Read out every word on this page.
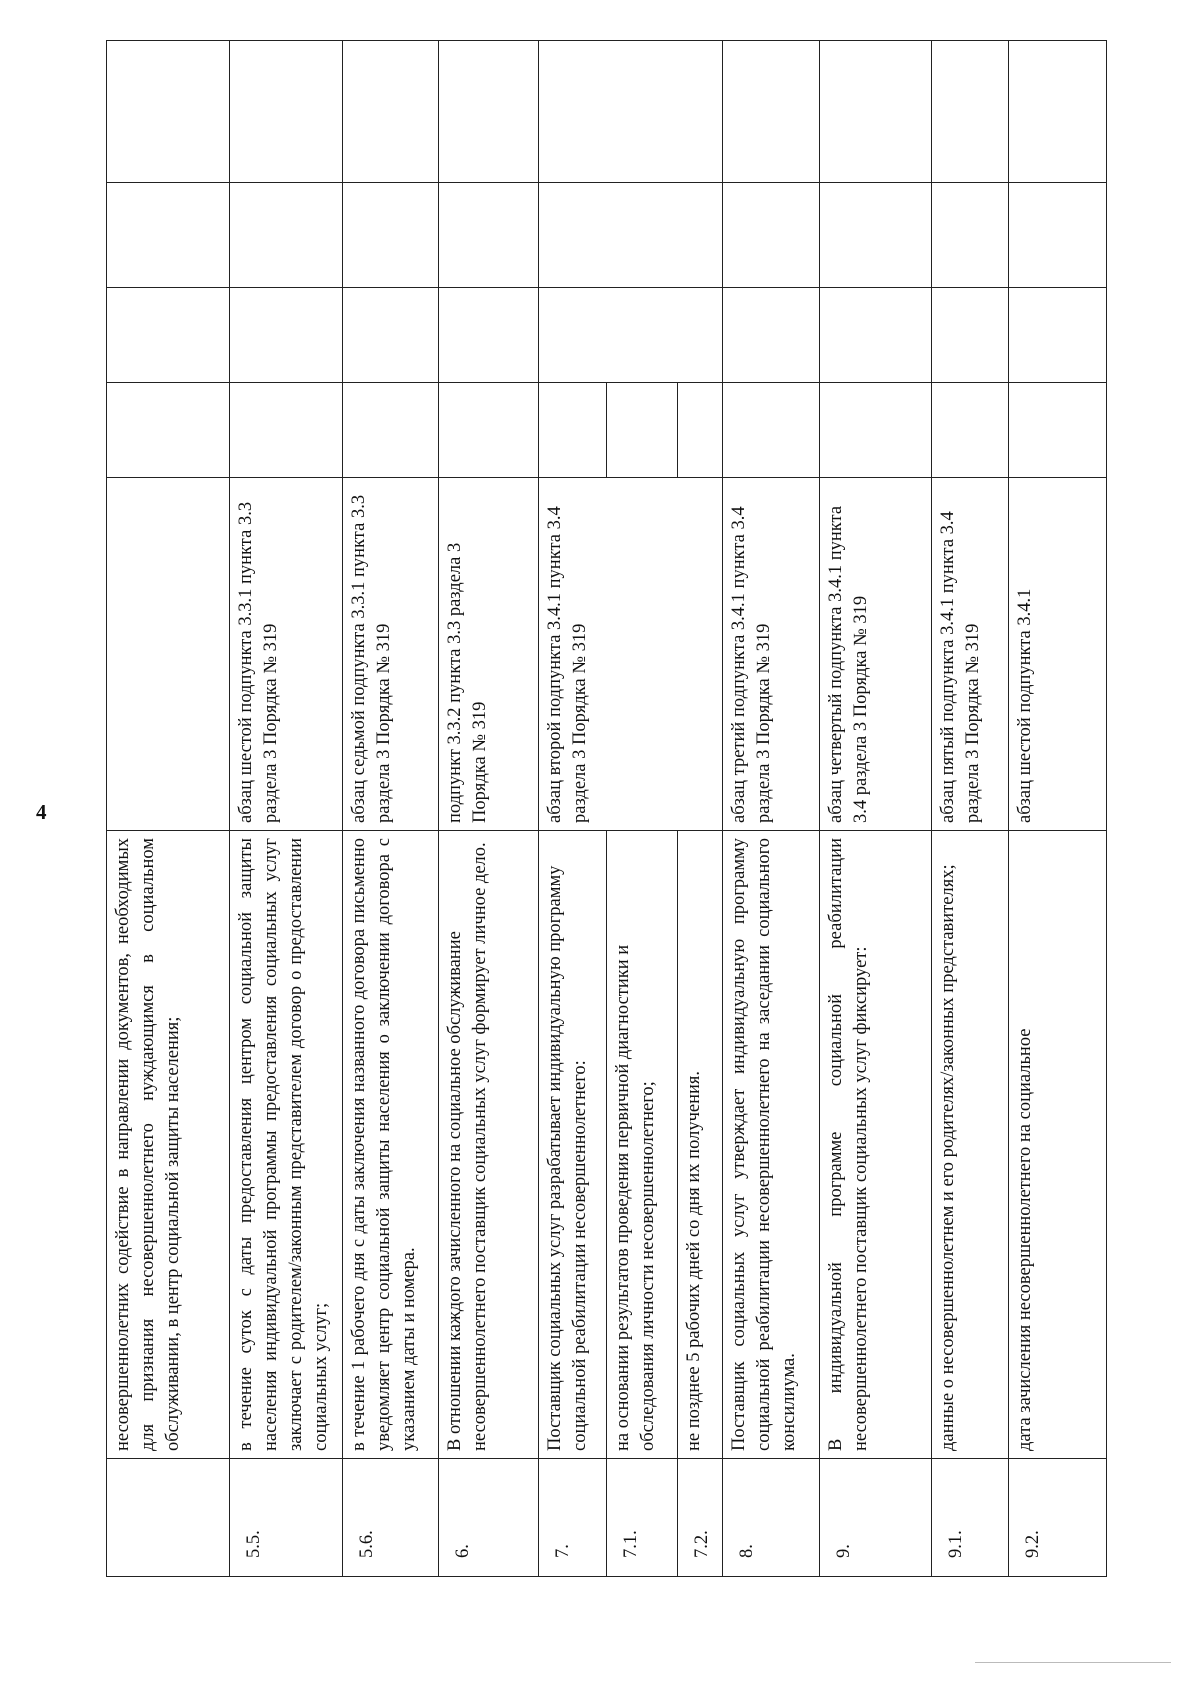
4
	несовершеннолетних содействие в направлении документов, необходимых для признания несовершеннолетнего нуждающимся в социальном обслуживании, в центр социальной защиты населения;					
5.5.	в течение суток с даты предоставления центром социальной защиты населения индивидуальной программы предоставления социальных услуг заключает с родителем/законным представителем договор о предоставлении социальных услуг;	абзац шестой подпункта 3.3.1 пункта 3.3 раздела 3 Порядка № 319				
5.6.	в течение 1 рабочего дня с даты заключения названного договора письменно уведомляет центр социальной защиты населения о заключении договора с указанием даты и номера.	абзац седьмой подпункта 3.3.1 пункта 3.3 раздела 3 Порядка № 319				
6.	В отношении каждого зачисленного на социальное обслуживание несовершеннолетнего поставщик социальных услуг формирует личное дело.	подпункт 3.3.2 пункта 3.3 раздела 3 Порядка № 319				
7.	Поставщик социальных услуг разрабатывает индивидуальную программу социальной реабилитации несовершеннолетнего:	абзац второй подпункта 3.4.1 пункта 3.4 раздела 3 Порядка № 319				
7.1.	на основании результатов проведения первичной диагностики и обследования личности несовершеннолетнего;					
7.2.	не позднее 5 рабочих дней со дня их получения.					
8.	Поставщик социальных услуг утверждает индивидуальную программу социальной реабилитации несовершеннолетнего на заседании социального консилиума.	абзац третий подпункта 3.4.1 пункта 3.4 раздела 3 Порядка № 319				
9.	В индивидуальной программе социальной реабилитации несовершеннолетнего поставщик социальных услуг фиксирует:	абзац четвертый подпункта 3.4.1 пункта 3.4 раздела 3 Порядка № 319				
9.1.	данные о несовершеннолетнем и его родителях/законных представителях;	абзац пятый подпункта 3.4.1 пункта 3.4 раздела 3 Порядка № 319				
9.2.	дата зачисления несовершеннолетнего на социальное	абзац шестой подпункта 3.4.1				
